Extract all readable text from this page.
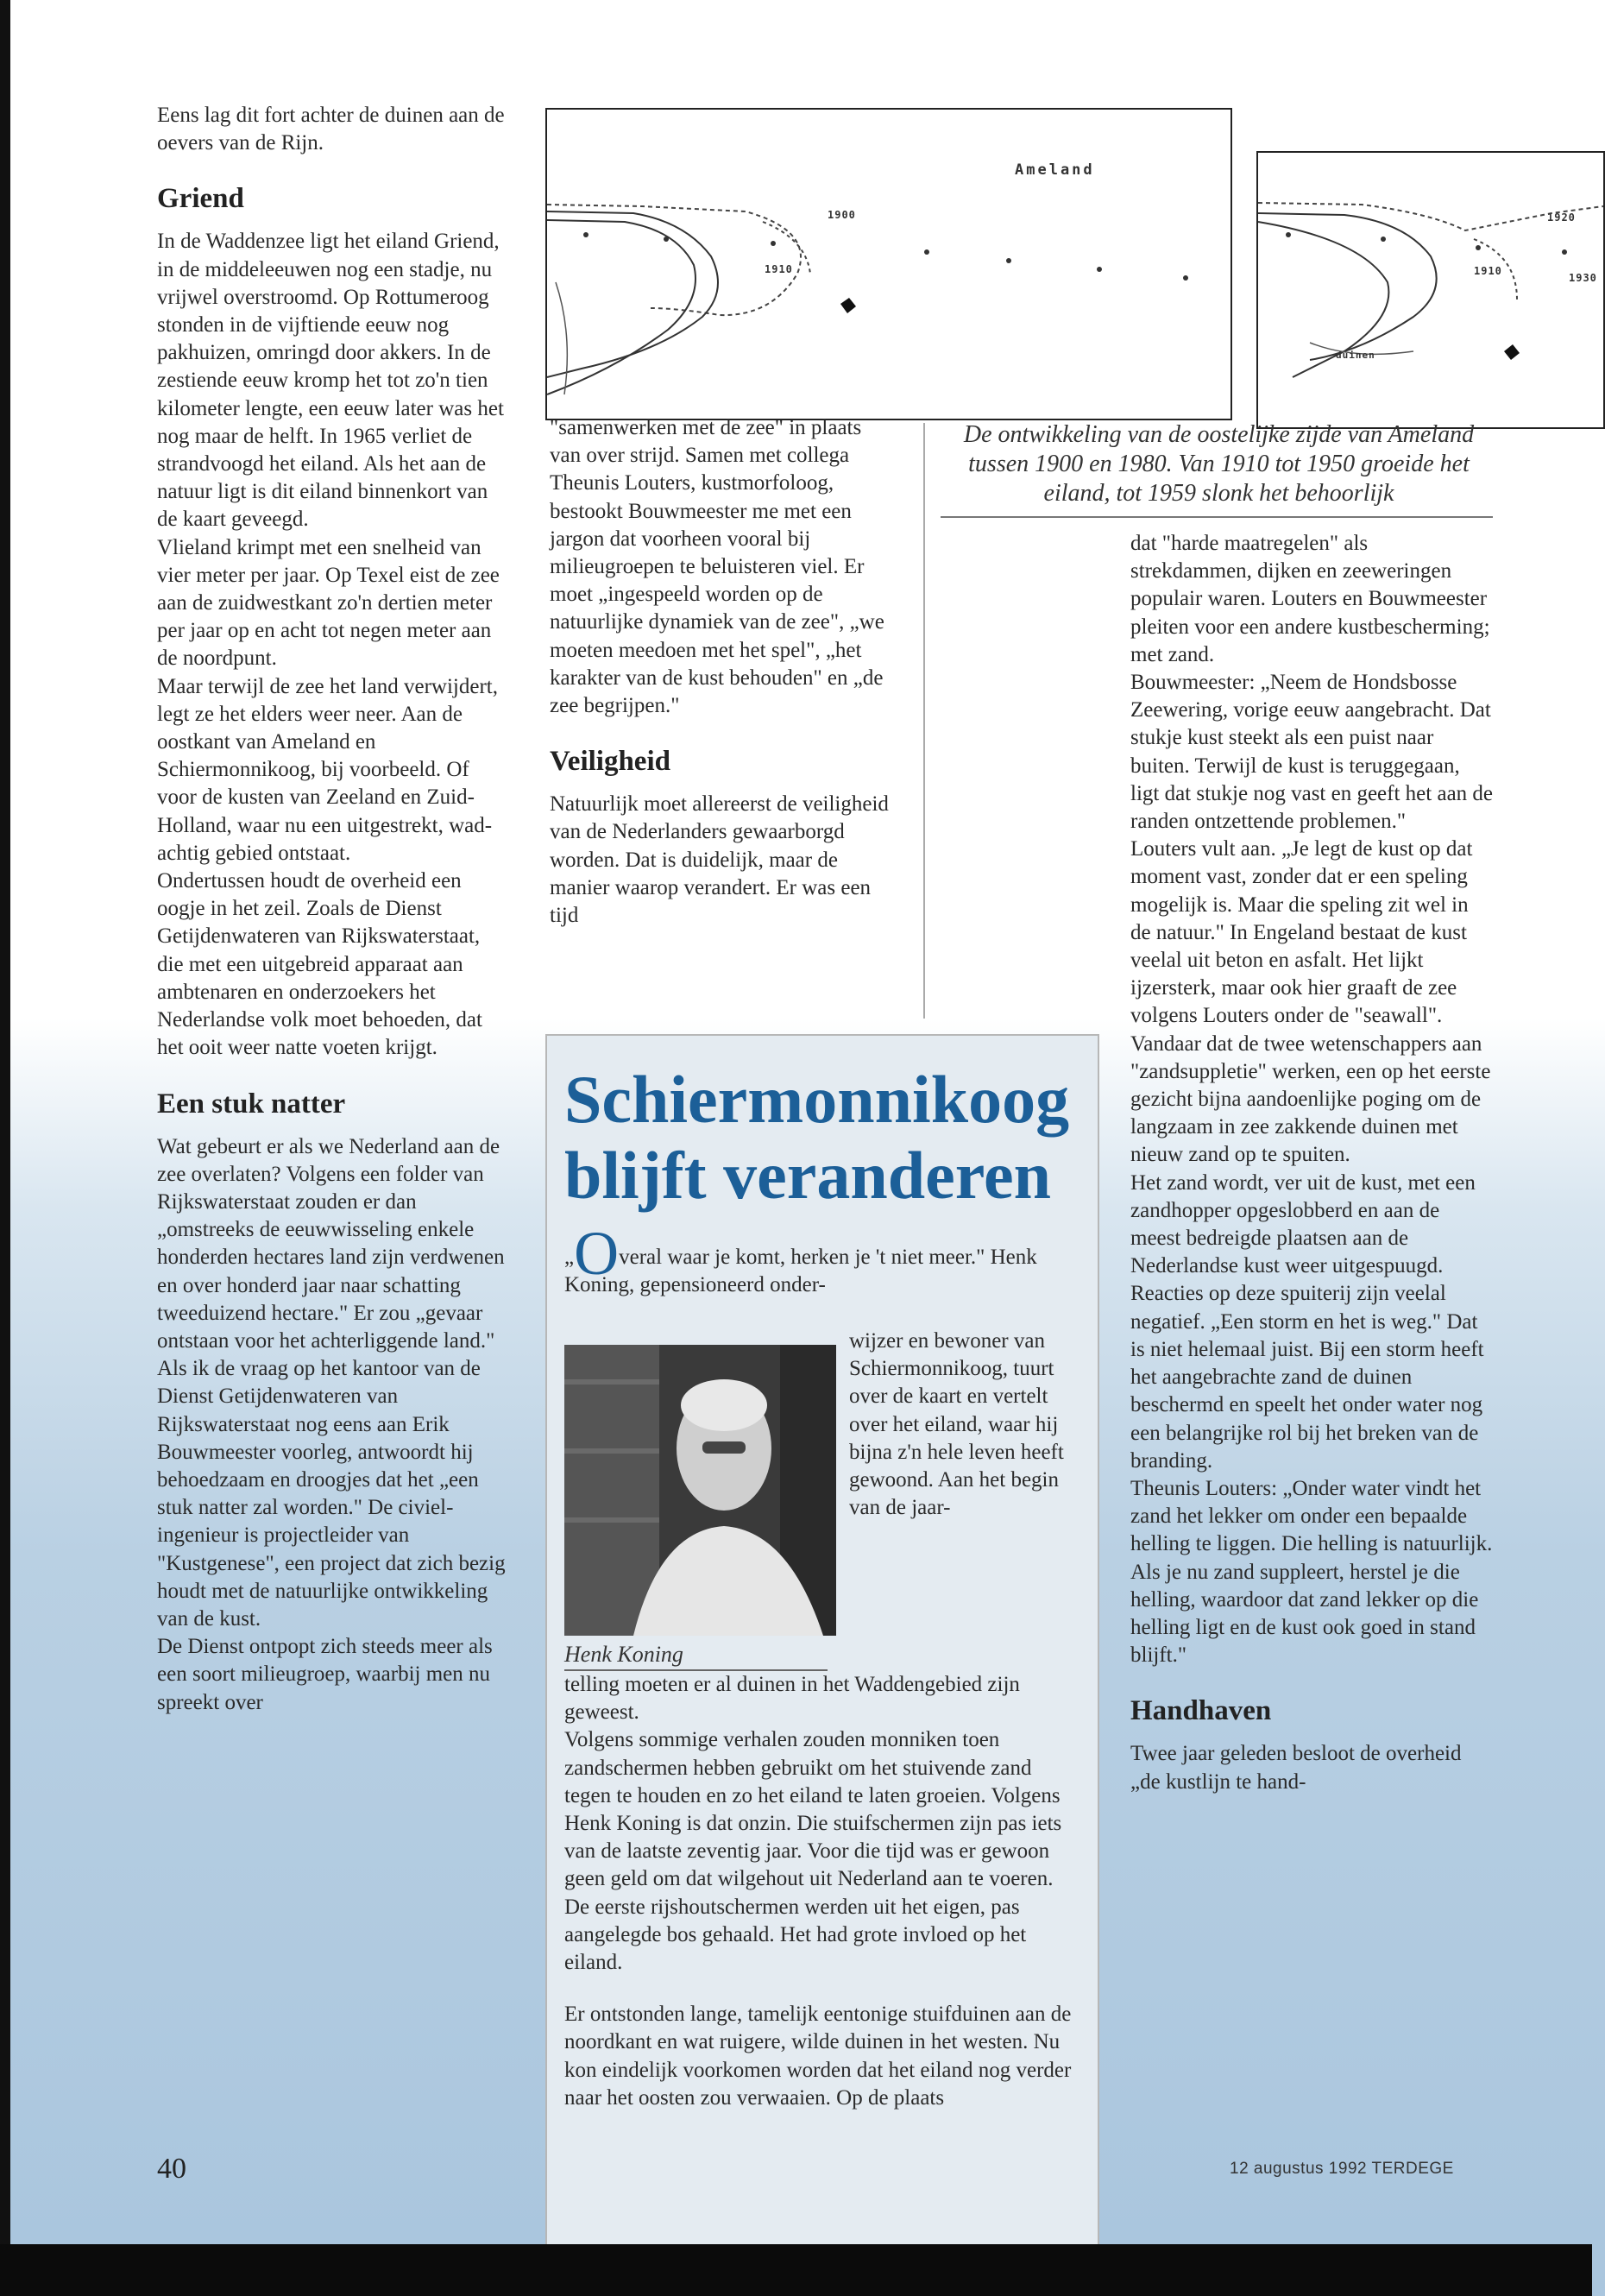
Eens lag dit fort achter de duinen aan de oevers van de Rijn.

Griend

In de Waddenzee ligt het eiland Griend, in de middeleeuwen nog een stadje, nu vrijwel overstroomd. Op Rottumeroog stonden in de vijftiende eeuw nog pakhuizen, omringd door akkers. In de zestiende eeuw kromp het tot zo'n tien kilometer lengte, een eeuw later was het nog maar de helft. In 1965 verliet de strandvoogd het eiland. Als het aan de natuur ligt is dit eiland binnenkort van de kaart geveegd.

Vlieland krimpt met een snelheid van vier meter per jaar. Op Texel eist de zee aan de zuidwestkant zo'n dertien meter per jaar op en acht tot negen meter aan de noordpunt.

Maar terwijl de zee het land verwijdert, legt ze het elders weer neer. Aan de oostkant van Ameland en Schiermonnikoog, bij voorbeeld. Of voor de kusten van Zeeland en Zuid-Holland, waar nu een uitgestrekt, wad-achtig gebied ontstaat.

Ondertussen houdt de overheid een oogje in het zeil. Zoals de Dienst Getijdenwateren van Rijkswaterstaat, die met een uitgebreid apparaat aan ambtenaren en onderzoekers het Nederlandse volk moet behoeden, dat het ooit weer natte voeten krijgt.

Een stuk natter

Wat gebeurt er als we Nederland aan de zee overlaten? Volgens een folder van Rijkswaterstaat zouden er dan „omstreeks de eeuwwisseling enkele honderden hectares land zijn verdwenen en over honderd jaar naar schatting tweeduizend hectare." Er zou „gevaar ontstaan voor het achterliggende land."

Als ik de vraag op het kantoor van de Dienst Getijdenwateren van Rijkswaterstaat nog eens aan Erik Bouwmeester voorleg, antwoordt hij behoedzaam en droogjes dat het „een stuk natter zal worden." De civiel-ingenieur is projectleider van "Kustgenese", een project dat zich bezig houdt met de natuurlijke ontwikkeling van de kust.

De Dienst ontpopt zich steeds meer als een soort milieugroep, waarbij men nu spreekt over

Ameland
1900
1910
1920
1910
1930
duinen
De ontwikkeling van de oostelijke zijde van Ameland tussen 1900 en 1980. Van 1910 tot 1950 groeide het eiland, tot 1959 slonk het behoorlijk

"samenwerken met de zee" in plaats van over strijd. Samen met collega Theunis Louters, kustmorfoloog, bestookt Bouwmeester me met een jargon dat voorheen vooral bij milieugroepen te beluisteren viel. Er moet „ingespeeld worden op de natuurlijke dynamiek van de zee", „we moeten meedoen met het spel", „het karakter van de kust behouden" en „de zee begrijpen."

Veiligheid

Natuurlijk moet allereerst de veiligheid van de Nederlanders gewaarborgd worden. Dat is duidelijk, maar de manier waarop verandert. Er was een tijd

dat "harde maatregelen" als strekdammen, dijken en zeeweringen populair waren. Louters en Bouwmeester pleiten voor een andere kustbescherming; met zand.

Bouwmeester: „Neem de Hondsbosse Zeewering, vorige eeuw aangebracht. Dat stukje kust steekt als een puist naar buiten. Terwijl de kust is teruggegaan, ligt dat stukje nog vast en geeft het aan de randen ontzettende problemen."

Louters vult aan. „Je legt de kust op dat moment vast, zonder dat er een speling mogelijk is. Maar die speling zit wel in de natuur." In Engeland bestaat de kust veelal uit beton en asfalt. Het lijkt ijzersterk, maar ook hier graaft de zee volgens Louters onder de "seawall". Vandaar dat de twee wetenschappers aan "zandsuppletie" werken, een op het eerste gezicht bijna aandoenlijke poging om de langzaam in zee zakkende duinen met nieuw zand op te spuiten.

Het zand wordt, ver uit de kust, met een zandhopper opgeslobberd en aan de meest bedreigde plaatsen aan de Nederlandse kust weer uitgespuugd. Reacties op deze spuiterij zijn veelal negatief. „Een storm en het is weg." Dat is niet helemaal juist. Bij een storm heeft het aangebrachte zand de duinen beschermd en speelt het onder water nog een belangrijke rol bij het breken van de branding.

Theunis Louters: „Onder water vindt het zand het lekker om onder een bepaalde helling te liggen. Die helling is natuurlijk. Als je nu zand suppleert, herstel je die helling, waardoor dat zand lekker op die helling ligt en de kust ook goed in stand blijft."

Handhaven

Twee jaar geleden besloot de overheid „de kustlijn te hand-

Schiermonnikoog blijft veranderen

„Overal waar je komt, herken je 't niet meer." Henk Koning, gepensioneerd onder-

Henk Koning

wijzer en bewoner van Schiermonnikoog, tuurt over de kaart en vertelt over het eiland, waar hij bijna z'n hele leven heeft gewoond. Aan het begin van de jaar-

telling moeten er al duinen in het Waddengebied zijn geweest.

Volgens sommige verhalen zouden monniken toen zandschermen hebben gebruikt om het stuivende zand tegen te houden en zo het eiland te laten groeien. Volgens Henk Koning is dat onzin. Die stuifschermen zijn pas iets van de laatste zeventig jaar. Voor die tijd was er gewoon geen geld om dat wilgehout uit Nederland aan te voeren. De eerste rijshoutschermen werden uit het eigen, pas aangelegde bos gehaald. Het had grote invloed op het eiland.

Er ontstonden lange, tamelijk eentonige stuifduinen aan de noordkant en wat ruigere, wilde duinen in het westen. Nu kon eindelijk voorkomen worden dat het eiland nog verder naar het oosten zou verwaaien. Op de plaats

40	12 augustus 1992 TERDEGE
